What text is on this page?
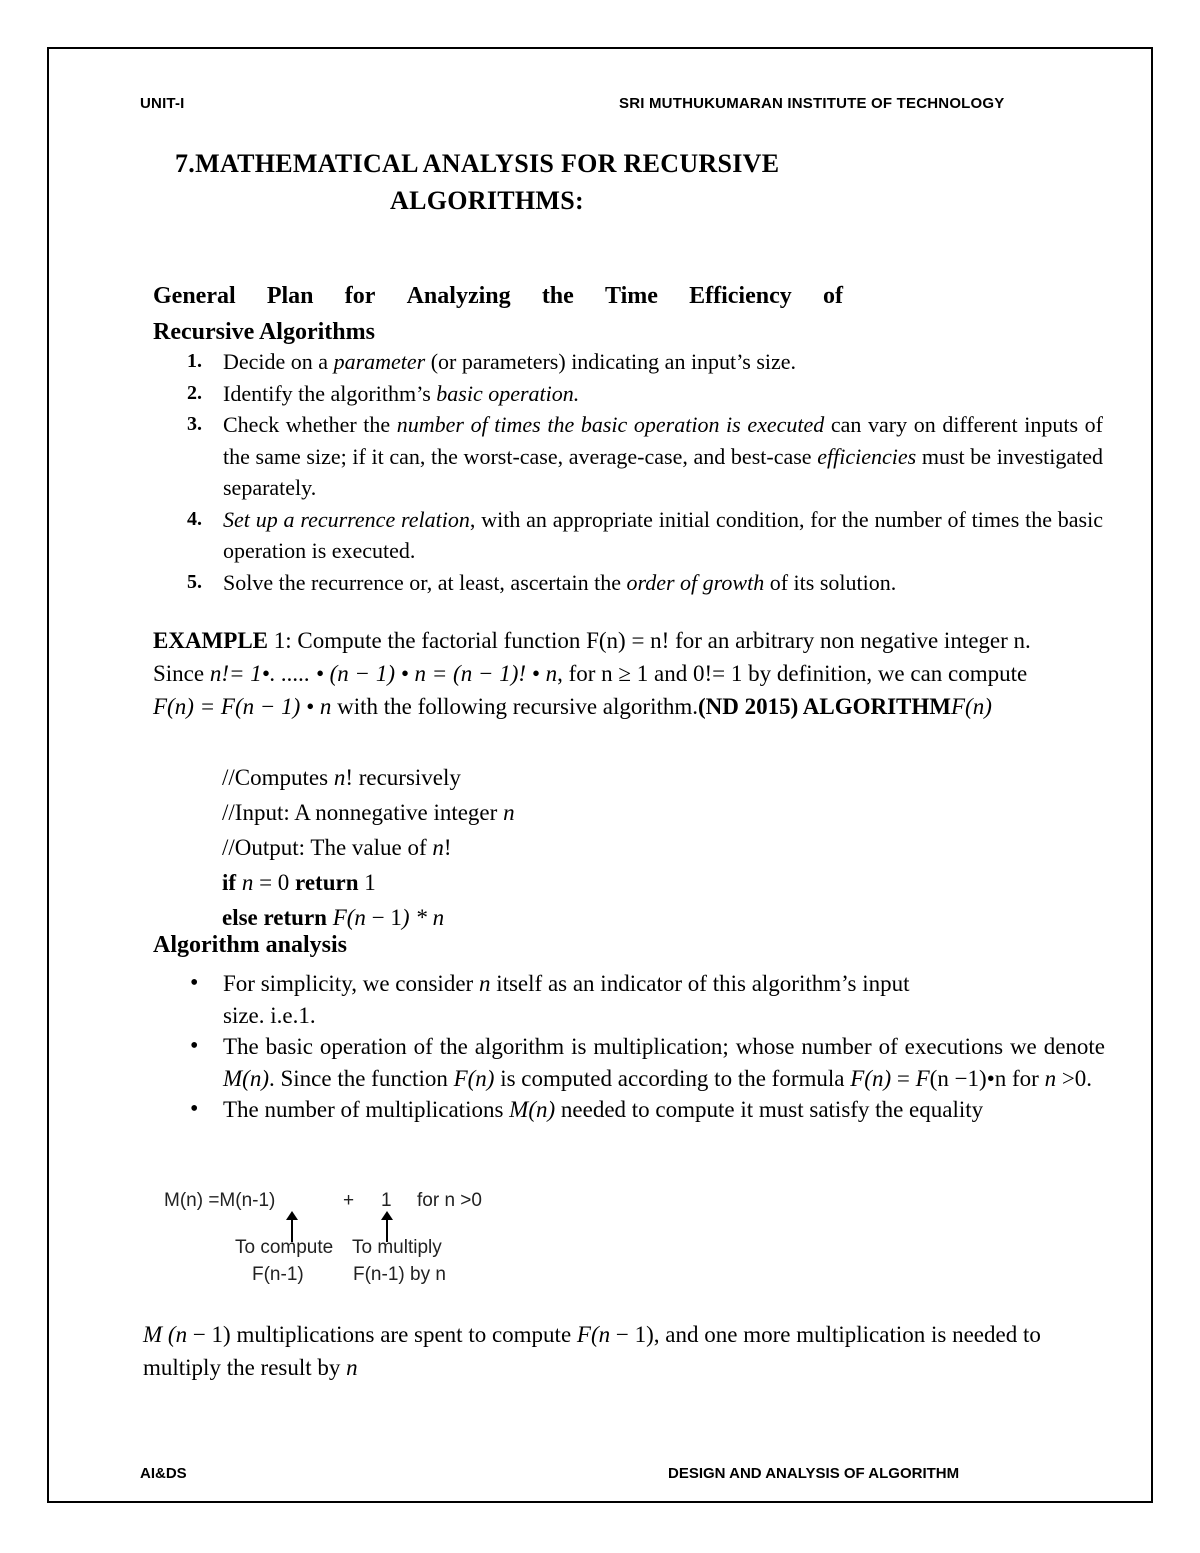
UNIT-I	SRI MUTHUKUMARAN INSTITUTE OF TECHNOLOGY
7.MATHEMATICAL ANALYSIS FOR RECURSIVE
ALGORITHMS:
General Plan for Analyzing the Time Efficiency of
Recursive Algorithms
Decide on a parameter (or parameters) indicating an input’s size.
Identify the algorithm’s basic operation.
Check whether the number of times the basic operation is executed can vary on different inputs of the same size; if it can, the worst-case, average-case, and best-case efficiencies must be investigated separately.
Set up a recurrence relation, with an appropriate initial condition, for the number of times the basic operation is executed.
Solve the recurrence or, at least, ascertain the order of growth of its solution.
EXAMPLE 1: Compute the factorial function F(n) = n! for an arbitrary non negative integer n. Since n!= 1•. ..... • (n − 1) • n = (n − 1)! • n, for n ≥ 1 and 0!= 1 by definition, we can compute F(n) = F(n − 1) • n with the following recursive algorithm.(ND 2015) ALGORITHMF(n)
//Computes n! recursively
//Input: A nonnegative integer n
//Output: The value of n!
if n = 0 return 1
else return F(n − 1) * n
Algorithm analysis
• For simplicity, we consider n itself as an indicator of this algorithm’s input
size. i.e.1.
• The basic operation of the algorithm is multiplication; whose number of executions we denote M(n). Since the function F(n) is computed according to the formula F(n) = F(n −1)•n for n >0.
• The number of multiplications M(n) needed to compute it must satisfy the equality
M(n) =M(n-1)	+ 1 for n >0
To compute To multiply
F(n-1)	F(n-1) by n
M (n − 1) multiplications are spent to compute F(n − 1), and one more multiplication is needed to multiply the result by n
AI&DS	DESIGN AND ANALYSIS OF ALGORITHM
